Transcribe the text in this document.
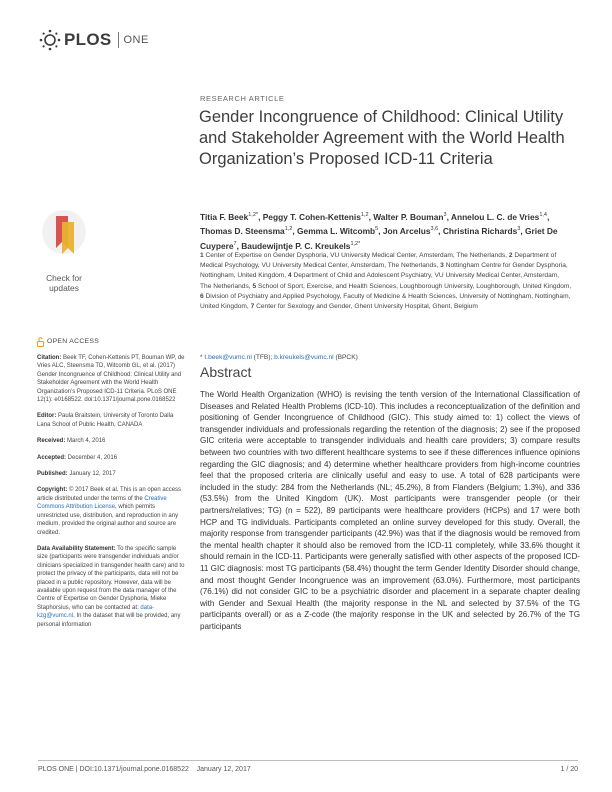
PLOS ONE
RESEARCH ARTICLE
Gender Incongruence of Childhood: Clinical Utility and Stakeholder Agreement with the World Health Organization’s Proposed ICD-11 Criteria
Titia F. Beek$^{1,2*}$, Peggy T. Cohen-Kettenis$^{1,2}$, Walter P. Bouman$^3$, Annelou L. C. de Vries$^{1,4}$, Thomas D. Steensma$^{1,2}$, Gemma L. Witcomb$^5$, Jon Arcelus$^{3,6}$, Christina Richards$^3$, Griet De Cuypere$^7$, Baudewijntje P. C. Kreukels$^{1,2*}$
1 Center of Expertise on Gender Dysphoria, VU University Medical Center, Amsterdam, The Netherlands, 2 Department of Medical Psychology, VU University Medical Center, Amsterdam, The Netherlands, 3 Nottingham Centre for Gender Dysphoria, Nottingham, United Kingdom, 4 Department of Child and Adolescent Psychiatry, VU University Medical Center, Amsterdam, The Netherlands, 5 School of Sport, Exercise, and Health Sciences, Loughborough University, Loughborough, United Kingdom, 6 Division of Psychiatry and Applied Psychology, Faculty of Medicine & Health Sciences, University of Nottingham, Nottingham, United Kingdom, 7 Center for Sexology and Gender, Ghent University Hospital, Ghent, Belgium
* t.beek@vumc.nl (TFB); b.kreukels@vumc.nl (BPCK)
Check for
updates
OPEN ACCESS
Citation: Beek TF, Cohen-Kettenis PT, Bouman WP, de Vries ALC, Steensma TD, Witcomb GL, et al. (2017) Gender Incongruence of Childhood: Clinical Utility and Stakeholder Agreement with the World Health Organization’s Proposed ICD-11 Criteria. PLoS ONE 12(1): e0168522. doi:10.1371/journal.pone.0168522
Editor: Paula Braitstein, University of Toronto Dalla Lana School of Public Health, CANADA
Received: March 4, 2016
Accepted: December 4, 2016
Published: January 12, 2017
Copyright: © 2017 Beek et al. This is an open access article distributed under the terms of the Creative Commons Attribution License, which permits unrestricted use, distribution, and reproduction in any medium, provided the original author and source are credited.
Data Availability Statement: To the specific sample size (participants were transgender individuals and/or clinicians specialized in transgender health care) and to protect the privacy of the participants, data will not be placed in a public repository. However, data will be available upon request from the data manager of the Centre of Expertise on Gender Dysphoria, Mieke Staphorsius, who can be contacted at: data-kzg@vumc.nl. In the dataset that will be provided, any personal information
Abstract

The World Health Organization (WHO) is revising the tenth version of the International Classification of Diseases and Related Health Problems (ICD-10). This includes a reconceptualization of the definition and positioning of Gender Incongruence of Childhood (GIC). This study aimed to: 1) collect the views of transgender individuals and professionals regarding the retention of the diagnosis; 2) see if the proposed GIC criteria were acceptable to transgender individuals and health care providers; 3) compare results between two countries with two different healthcare systems to see if these differences influence opinions regarding the GIC diagnosis; and 4) determine whether healthcare providers from high-income countries feel that the proposed criteria are clinically useful and easy to use. A total of 628 participants were included in the study: 284 from the Netherlands (NL; 45.2%), 8 from Flanders (Belgium; 1.3%), and 336 (53.5%) from the United Kingdom (UK). Most participants were transgender people (or their partners/relatives; TG) (n = 522), 89 participants were healthcare providers (HCPs) and 17 were both HCP and TG individuals. Participants completed an online survey developed for this study. Overall, the majority response from transgender participants (42.9%) was that if the diagnosis would be removed from the mental health chapter it should also be removed from the ICD-11 completely, while 33.6% thought it should remain in the ICD-11. Participants were generally satisfied with other aspects of the proposed ICD-11 GIC diagnosis: most TG participants (58.4%) thought the term Gender Identity Disorder should change, and most thought Gender Incongruence was an improvement (63.0%). Furthermore, most participants (76.1%) did not consider GIC to be a psychiatric disorder and placement in a separate chapter dealing with Gender and Sexual Health (the majority response in the NL and selected by 37.5% of the TG participants overall) or as a Z-code (the majority response in the UK and selected by 26.7% of the TG participants

PLOS ONE | DOI:10.1371/journal.pone.0168522    January 12, 2017	1 / 20
